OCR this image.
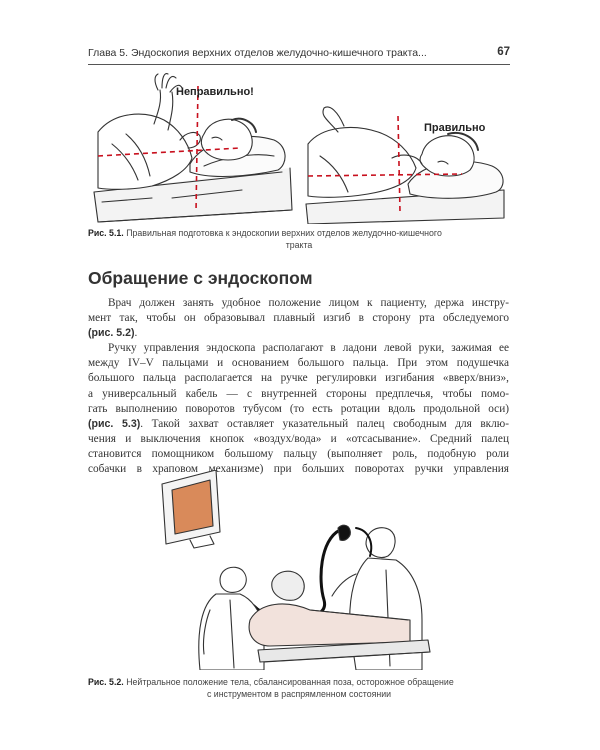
Глава 5. Эндоскопия верхних отделов желудочно-кишечного тракта...	67
Неправильно!
Правильно
Рис. 5.1. Правильная подготовка к эндоскопии верхних отделов желудочно-кишечного
тракта
Обращение с эндоскопом
Врач должен занять удобное положение лицом к пациенту, держа инстру-
мент так, чтобы он образовывал плавный изгиб в сторону рта обследуемого
(рис. 5.2).
Ручку управления эндоскопа располагают в ладони левой руки, зажимая ее
между IV–V пальцами и основанием большого пальца. При этом подушечка
большого пальца располагается на ручке регулировки изгибания «вверх/вниз»,
а универсальный кабель — с внутренней стороны предплечья, чтобы помо-
гать выполнению поворотов тубусом (то есть ротации вдоль продольной оси)
(рис. 5.3). Такой захват оставляет указательный палец свободным для вклю-
чения и выключения кнопок «воздух/вода» и «отсасывание». Средний палец
становится помощником большому пальцу (выполняет роль, подобную роли
собачки в храповом механизме) при больших поворотах ручки управления
Рис. 5.2. Нейтральное положение тела, сбалансированная поза, осторожное обращение
с инструментом в распрямленном состоянии
